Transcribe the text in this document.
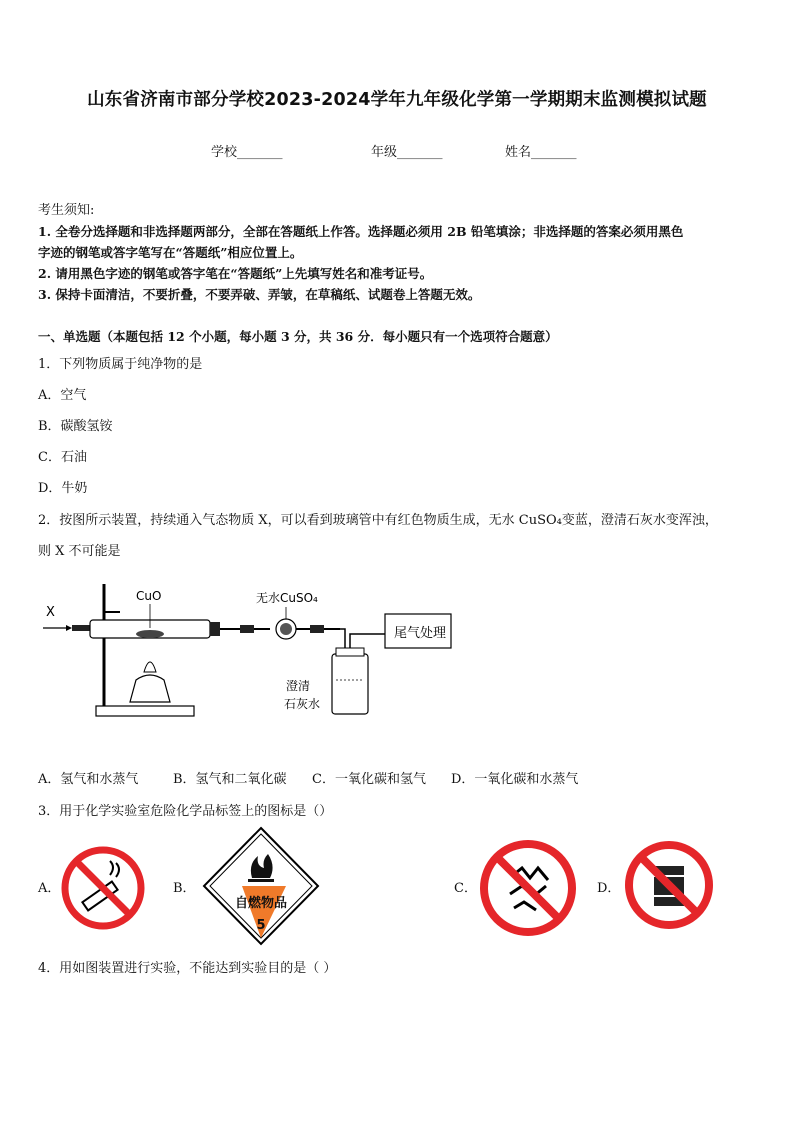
山东省济南市部分学校2023-2024学年九年级化学第一学期期末监测模拟试题
学校_______	年级_______	姓名_______
考生须知:
1. 全卷分选择题和非选择题两部分，全部在答题纸上作答。选择题必须用 2B 铅笔填涂；非选择题的答案必须用黑色
字迹的钢笔或答字笔写在“答题纸”相应位置上。
2. 请用黑色字迹的钢笔或答字笔在“答题纸”上先填写姓名和准考证号。
3. 保持卡面清洁，不要折叠，不要弄破、弄皱，在草稿纸、试题卷上答题无效。
一、单选题（本题包括 12 个小题，每小题 3 分，共 36 分．每小题只有一个选项符合题意）
1．下列物质属于纯净物的是
A．空气
B．碳酸氢铵
C．石油
D．牛奶
2．按图所示装置，持续通入气态物质 X，可以看到玻璃管中有红色物质生成，无水 CuSO₄变蓝，澄清石灰水变浑浊，
则 X 不可能是
X
CuO	无水CuSO₄
澄清
石灰水
尾气处理
A．氢气和水蒸气	B．氢气和二氧化碳 C．一氧化碳和氢气 D．一氧化碳和水蒸气
3．用于化学实验室危险化学品标签上的图标是（）
A．	B．
自燃物品
5
C．	D．
4．用如图装置进行实验，不能达到实验目的是（ ）
